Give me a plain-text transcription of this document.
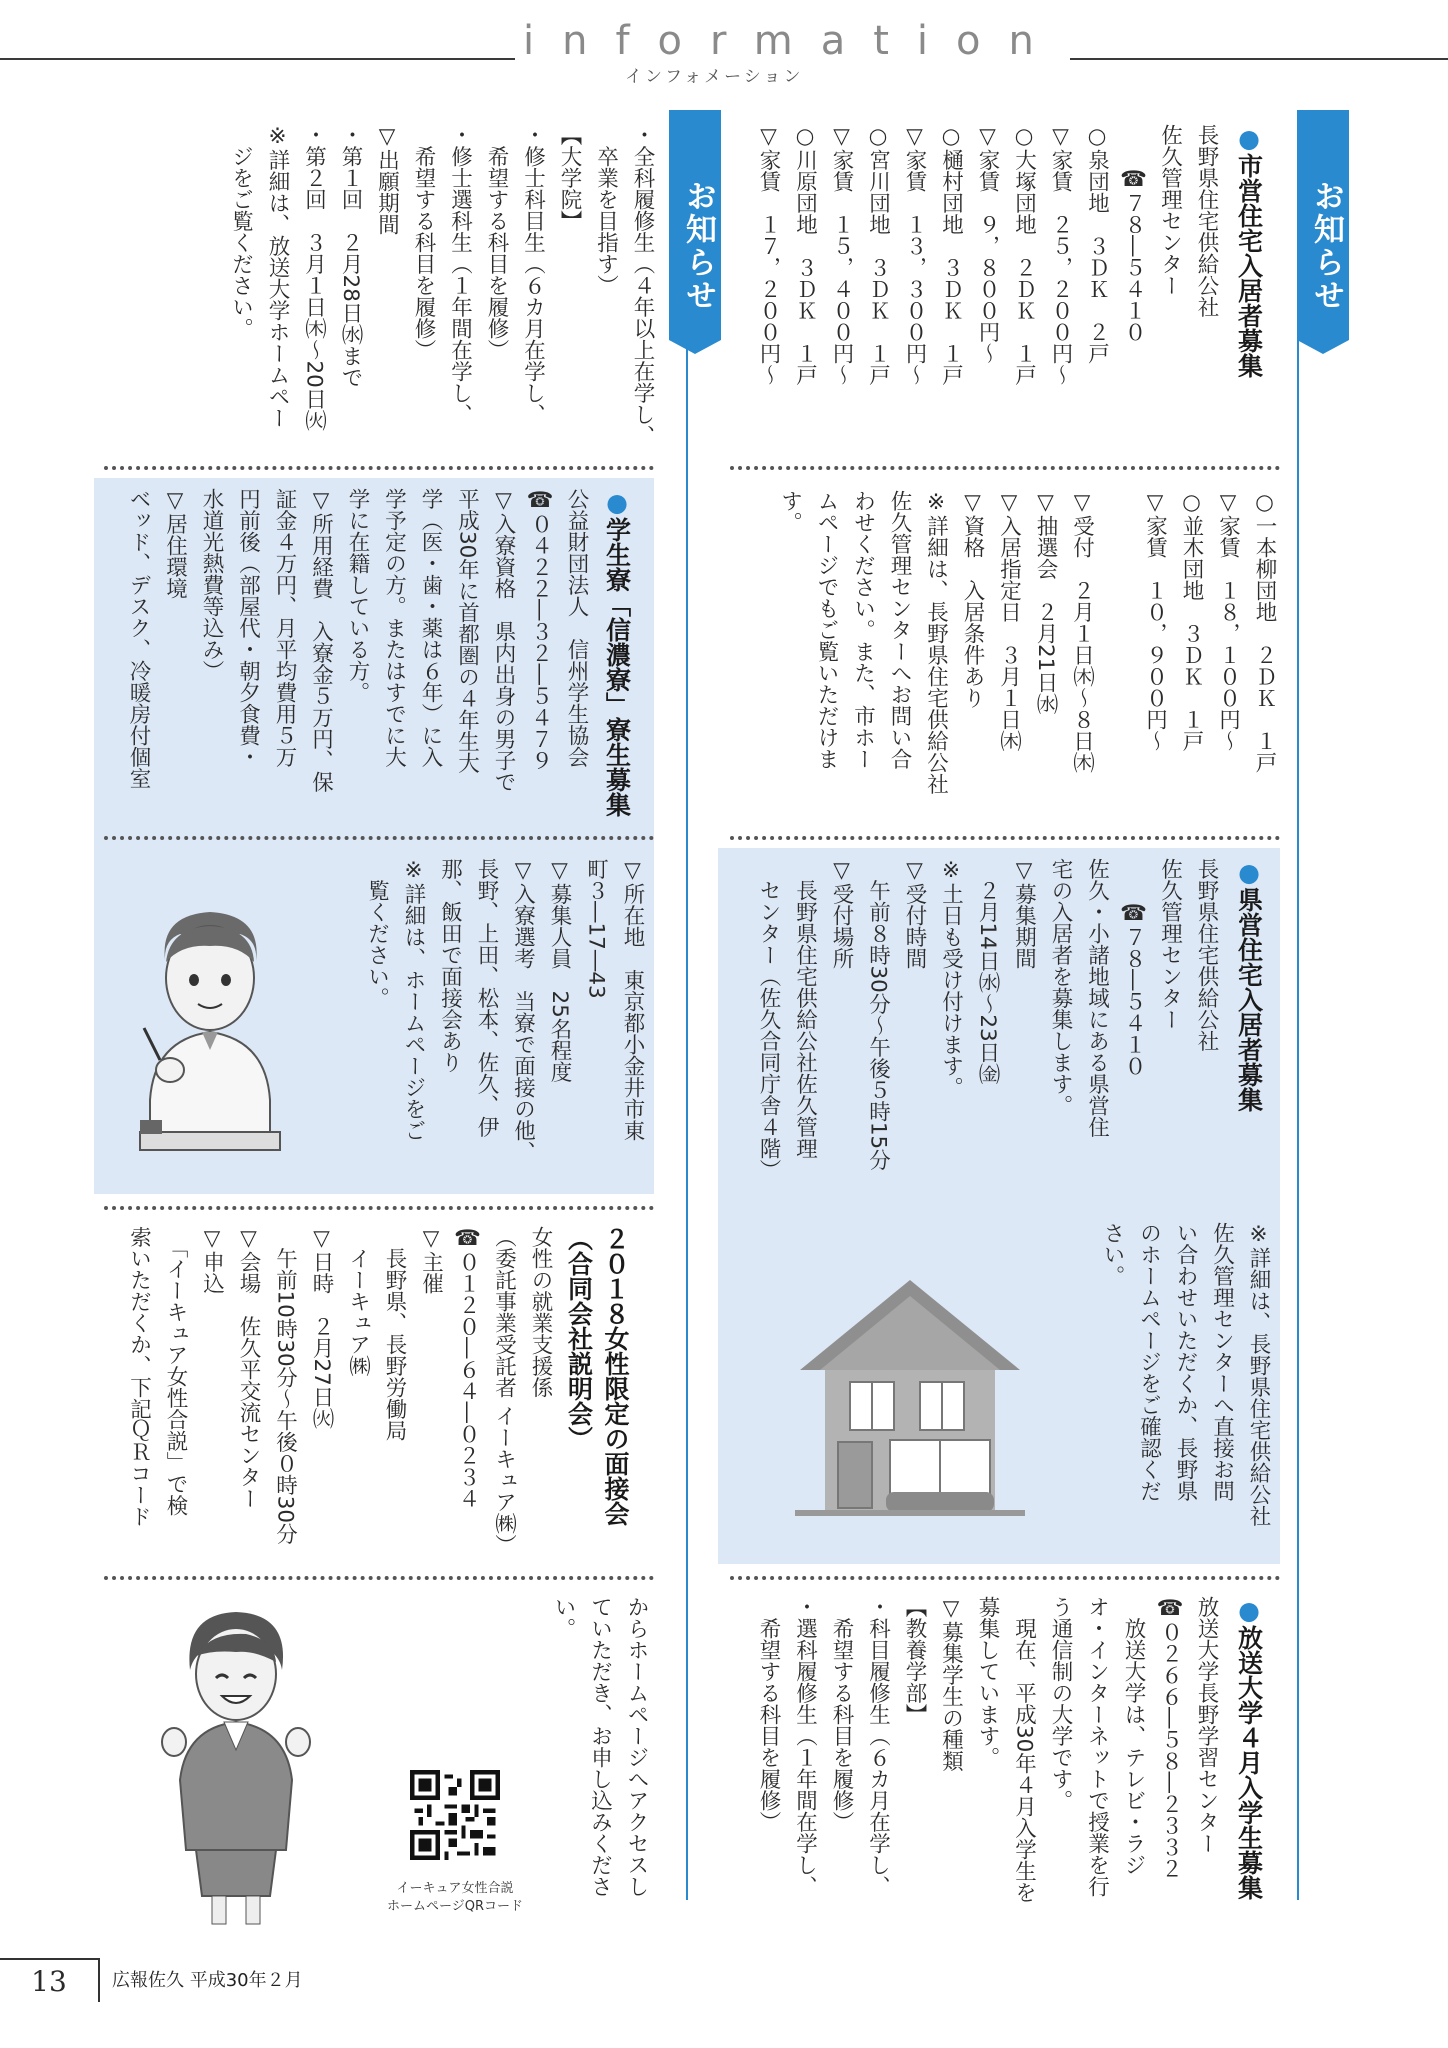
information
インフォメーション
お知らせ
お知らせ
●市営住宅入居者募集
長野県住宅供給公社
佐久管理センター
　　☎７８―５４１０
○泉団地　３ＤＫ　２戸
▽家賃　２５，２００円～
○大塚団地　２ＤＫ　１戸
▽家賃　９，８００円～
○樋村団地　３ＤＫ　１戸
▽家賃　１３，３００円～
○宮川団地　３ＤＫ　１戸
▽家賃　１５，４００円～
○川原団地　３ＤＫ　１戸
▽家賃　１７，２００円～
○一本柳団地　２ＤＫ　１戸
▽家賃　１８，１００円～
○並木団地　３ＤＫ　１戸
▽家賃　１０，９００円～

▽受付　２月１日㈭～８日㈭
▽抽選会　２月21日㈬
▽入居指定日　３月１日㈭
▽資格　入居条件あり
※詳細は、長野県住宅供給公社
佐久管理センターへお問い合
わせください。また、市ホー
ムページでもご覧いただけま
す。
●県営住宅入居者募集
長野県住宅供給公社
佐久管理センター
　　☎７８―５４１０
佐久・小諸地域にある県営住
宅の入居者を募集します。
▽募集期間
　２月14日㈬～23日㈮
※土日も受け付けます。
▽受付時間
　午前８時30分～午後５時15分
▽受付場所
　長野県住宅供給公社佐久管理
　センター（佐久合同庁舎４階）
※詳細は、長野県住宅供給公社
佐久管理センターへ直接お問
い合わせいただくか、長野県
のホームページをご確認くだ
さい。
●放送大学４月入学生募集
放送大学長野学習センター
☎０２６６―５８―２３３２
　放送大学は、テレビ・ラジ
オ・インターネットで授業を行
う通信制の大学です。
　現在、平成30年４月入学生を
募集しています。
▽募集学生の種類
【教養学部】
・科目履修生（６カ月在学し、
　希望する科目を履修）
・選科履修生（１年間在学し、
　希望する科目を履修）
・全科履修生（４年以上在学し、
　卒業を目指す）
【大学院】
・修士科目生（６カ月在学し、
　希望する科目を履修）
・修士選科生（１年間在学し、
　希望する科目を履修）
▽出願期間
・第１回　２月28日㈬まで
・第２回　３月１日㈭～20日㈫
※詳細は、放送大学ホームペー
　ジをご覧ください。
●学生寮「信濃寮」寮生募集
公益財団法人　信州学生協会
☎０４２２―３２―５４７９
▽入寮資格　県内出身の男子で
平成30年に首都圏の４年生大
学（医・歯・薬は６年）に入
学予定の方。またはすでに大
学に在籍している方。
▽所用経費　入寮金５万円、保
証金４万円、月平均費用５万
円前後（部屋代・朝夕食費・
水道光熱費等込み）
▽居住環境
ベッド、デスク、冷暖房付個室
▽所在地　東京都小金井市東
町３―17―43
▽募集人員　25名程度
▽入寮選考　当寮で面接の他、
長野、上田、松本、佐久、伊
那、飯田で面接会あり
※詳細は、ホームページをご
　覧ください。
２０１８女性限定の面接会
（合同会社説明会）
女性の就業支援係
（委託事業受託者 イーキュア㈱）
☎０１２０―６４―０２３４
▽主催
　長野県、長野労働局
　イーキュア㈱
▽日時　２月27日㈫
　午前10時30分～午後０時30分
▽会場　佐久平交流センター
▽申込
　「イーキュア女性合説」で検
索いただくか、下記ＱＲコード
からホームページへアクセスし
ていただき、お申し込みくださ
い。
イーキュア女性合説
ホームページQRコード
13	広報佐久 平成30年２月
